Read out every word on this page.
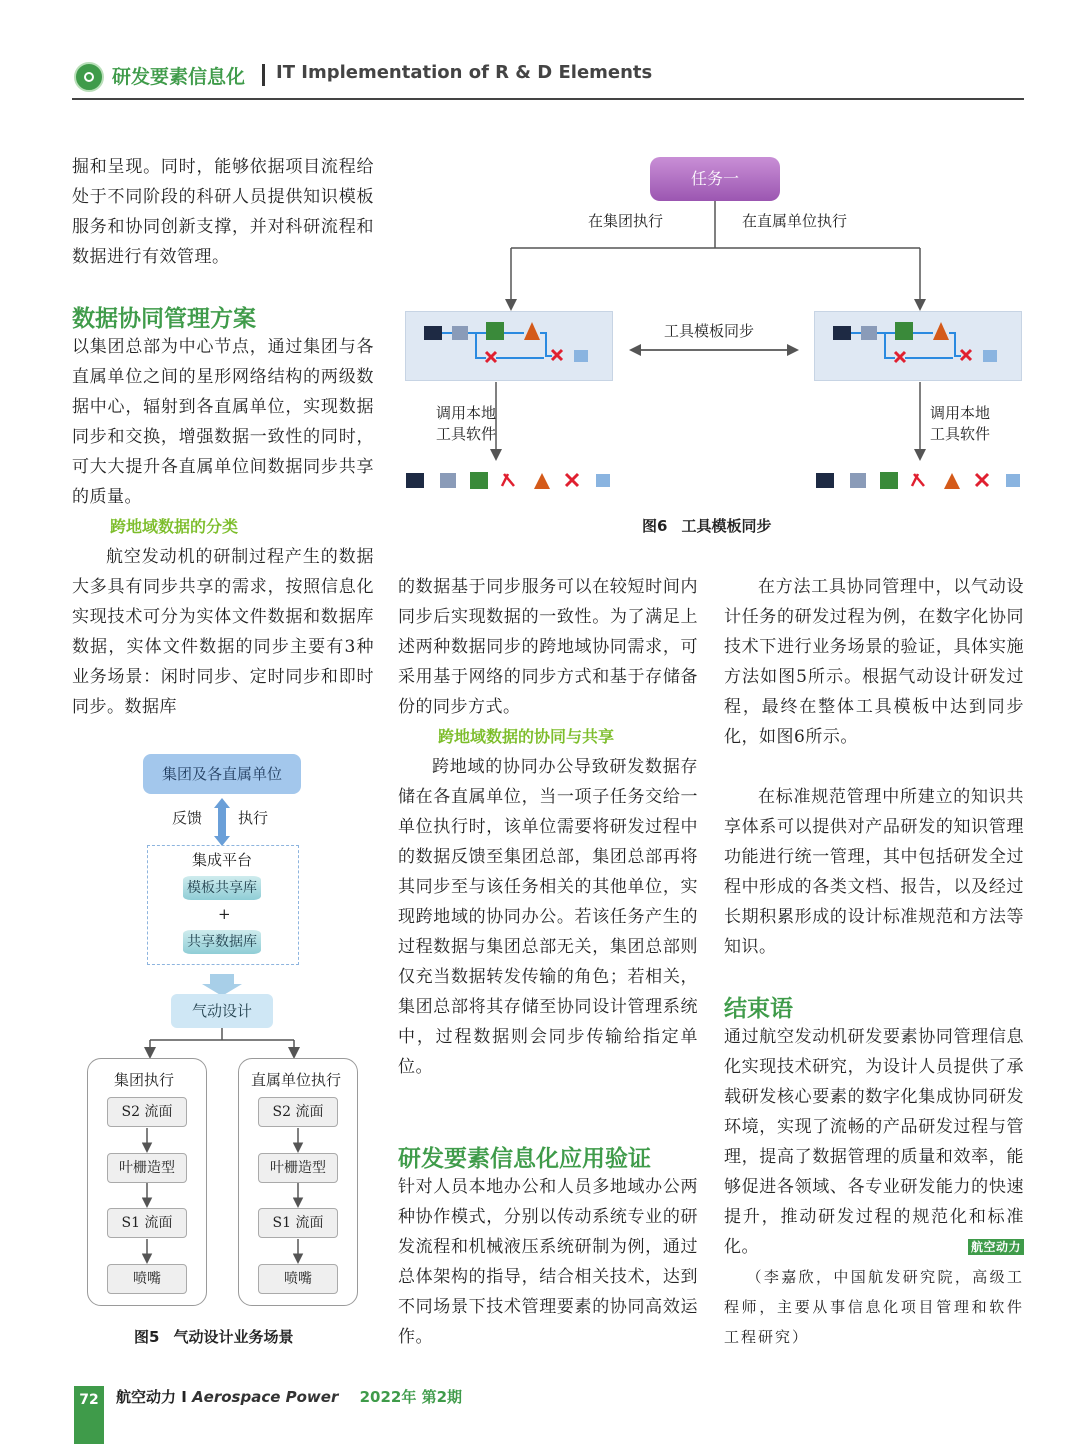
研发要素信息化 IT Implementation of R & D Elements
掘和呈现。同时，能够依据项目流程给处于不同阶段的科研人员提供知识模板服务和协同创新支撑，并对科研流程和数据进行有效管理。
数据协同管理方案
以集团总部为中心节点，通过集团与各直属单位之间的星形网络结构的两级数据中心，辐射到各直属单位，实现数据同步和交换，增强数据一致性的同时，可大大提升各直属单位间数据同步共享的质量。
跨地域数据的分类
航空发动机的研制过程产生的数据大多具有同步共享的需求，按照信息化实现技术可分为实体文件数据和数据库数据，实体文件数据的同步主要有3种业务场景：闲时同步、定时同步和即时同步。数据库
任务一
在集团执行	在直属单位执行
工具模板同步
调用本地
工具软件
调用本地
工具软件
图6 工具模板同步
的数据基于同步服务可以在较短时间内同步后实现数据的一致性。为了满足上述两种数据同步的跨地域协同需求，可采用基于网络的同步方式和基于存储备份的同步方式。
跨地域数据的协同与共享
跨地域的协同办公导致研发数据存储在各直属单位，当一项子任务交给一单位执行时，该单位需要将研发过程中的数据反馈至集团总部，集团总部再将其同步至与该任务相关的其他单位，实现跨地域的协同办公。若该任务产生的过程数据与集团总部无关，集团总部则仅充当数据转发传输的角色；若相关，集团总部将其存储至协同设计管理系统中，过程数据则会同步传输给指定单位。
研发要素信息化应用验证
针对人员本地办公和人员多地域办公两种协作模式，分别以传动系统专业的研发流程和机械液压系统研制为例，通过总体架构的指导，结合相关技术，达到不同场景下技术管理要素的协同高效运作。
在方法工具协同管理中，以气动设计任务的研发过程为例，在数字化协同技术下进行业务场景的验证，具体实施方法如图5所示。根据气动设计研发过程，最终在整体工具模板中达到同步化，如图6所示。
在标准规范管理中所建立的知识共享体系可以提供对产品研发的知识管理功能进行统一管理，其中包括研发全过程中形成的各类文档、报告，以及经过长期积累形成的设计标准规范和方法等知识。
结束语
通过航空发动机研发要素协同管理信息化实现技术研究，为设计人员提供了承载研发核心要素的数字化集成协同研发环境，实现了流畅的产品研发过程与管理，提高了数据管理的质量和效率，能够促进各领域、各专业研发能力的快速提升，推动研发过程的规范化和标准化。	航空动力
（李嘉欣，中国航发研究院，高级工程师，主要从事信息化项目管理和软件工程研究）
集团及各直属单位
反馈 执行
集成平台
模板共享库
+
共享数据库
气动设计
集团执行	直属单位执行
S2 流面
叶栅造型
S1 流面
喷嘴
S2 流面
叶栅造型
S1 流面
喷嘴
图5 气动设计业务场景
72	航空动力 I Aerospace Power 2022年 第2期
